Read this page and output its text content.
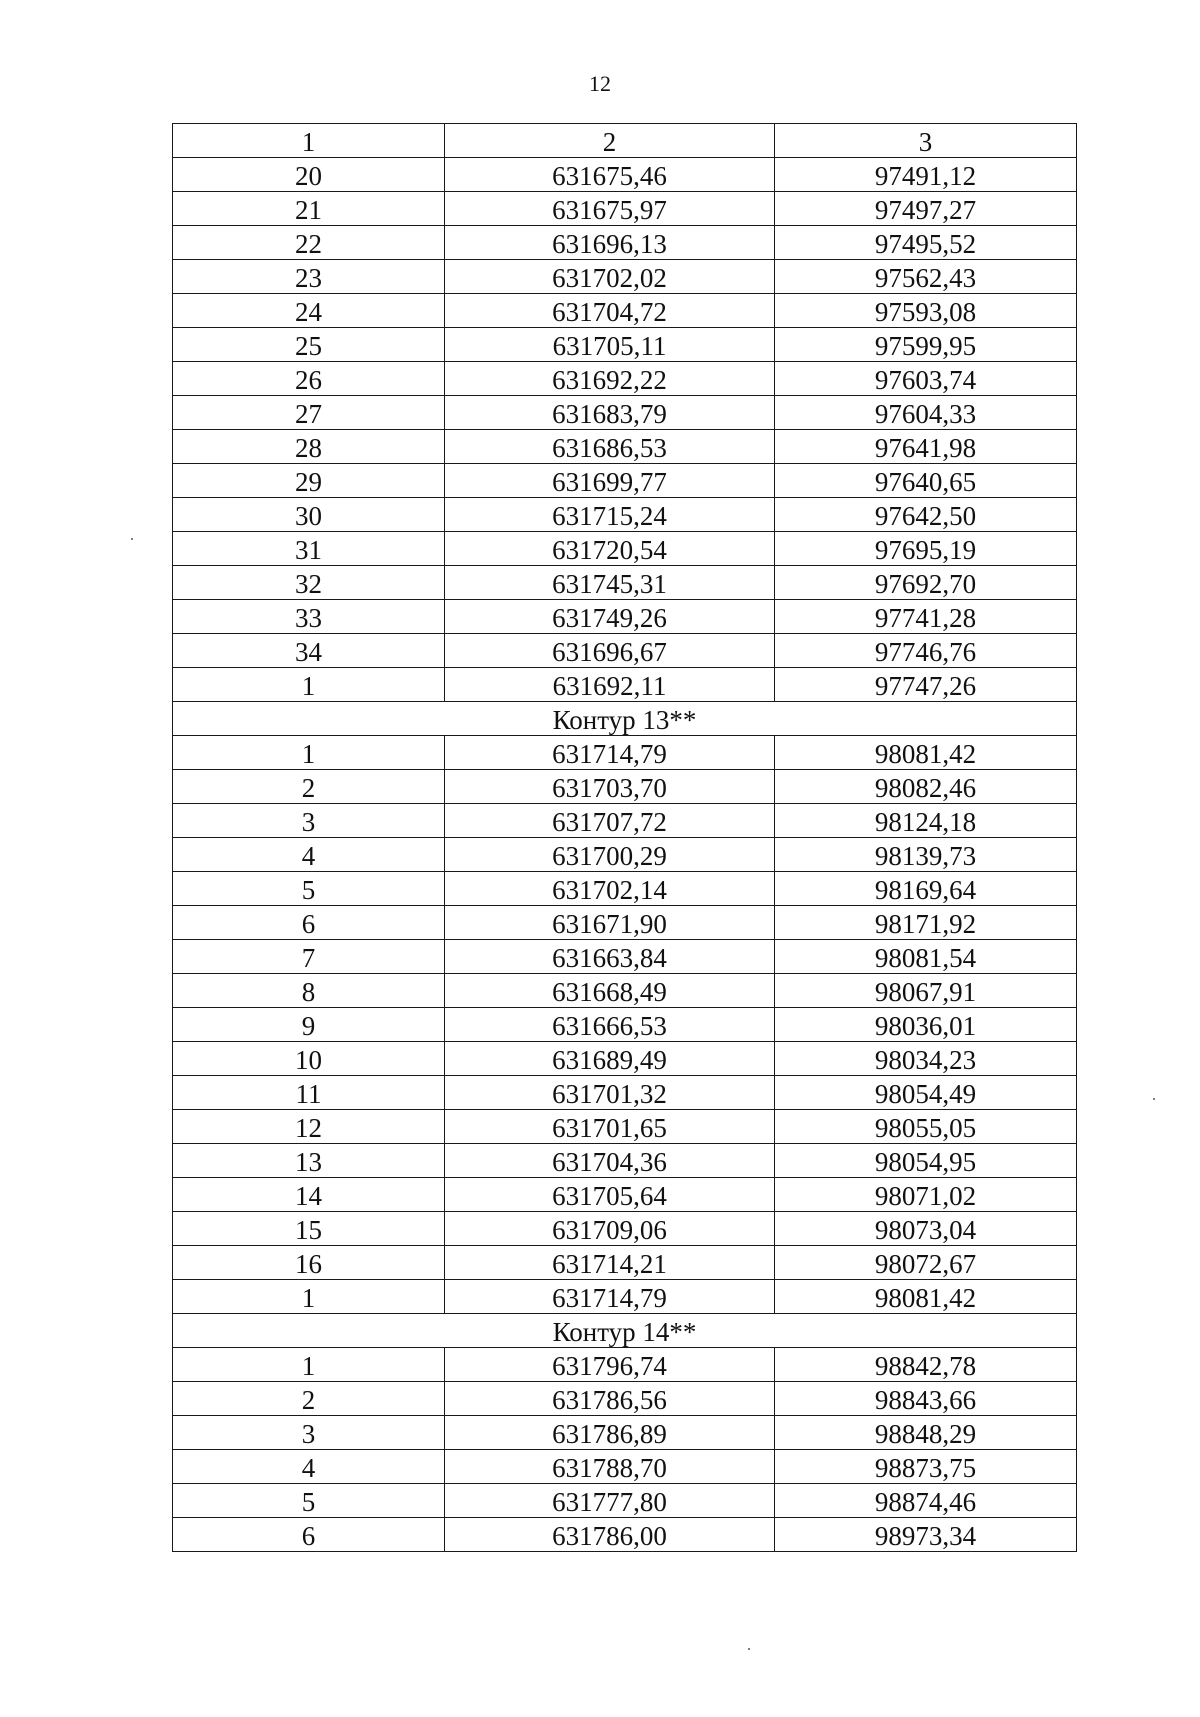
12
1	2	3
20	631675,46	97491,12
21	631675,97	97497,27
22	631696,13	97495,52
23	631702,02	97562,43
24	631704,72	97593,08
25	631705,11	97599,95
26	631692,22	97603,74
27	631683,79	97604,33
28	631686,53	97641,98
29	631699,77	97640,65
30	631715,24	97642,50
31	631720,54	97695,19
32	631745,31	97692,70
33	631749,26	97741,28
34	631696,67	97746,76
1	631692,11	97747,26
Контур 13**		
1	631714,79	98081,42
2	631703,70	98082,46
3	631707,72	98124,18
4	631700,29	98139,73
5	631702,14	98169,64
6	631671,90	98171,92
7	631663,84	98081,54
8	631668,49	98067,91
9	631666,53	98036,01
10	631689,49	98034,23
11	631701,32	98054,49
12	631701,65	98055,05
13	631704,36	98054,95
14	631705,64	98071,02
15	631709,06	98073,04
16	631714,21	98072,67
1	631714,79	98081,42
Контур 14**		
1	631796,74	98842,78
2	631786,56	98843,66
3	631786,89	98848,29
4	631788,70	98873,75
5	631777,80	98874,46
6	631786,00	98973,34
